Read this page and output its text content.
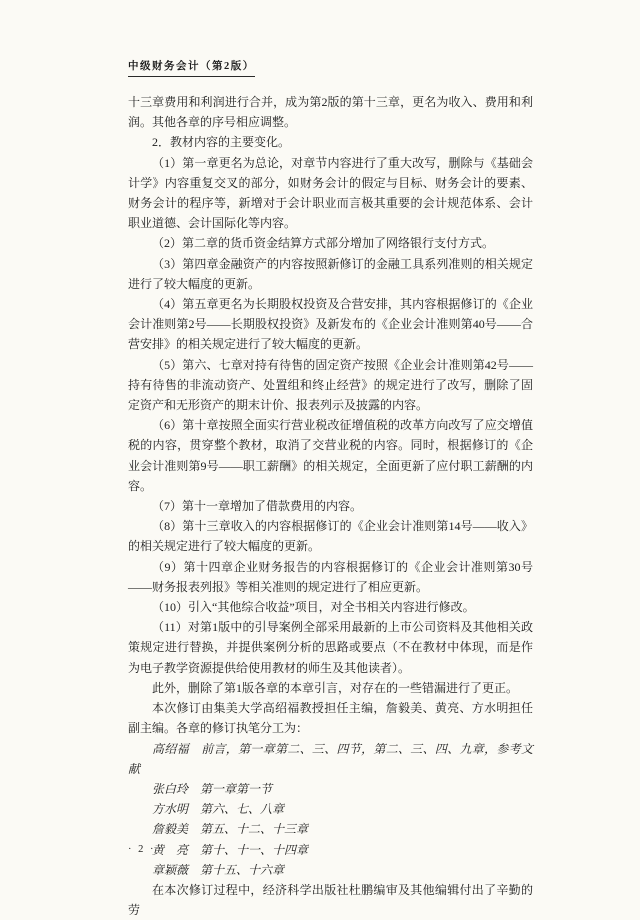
中级财务会计（第2版）

十三章费用和利润进行合并，成为第2版的第十三章，更名为收入、费用和利润。其他各章的序号相应调整。

2．教材内容的主要变化。

（1）第一章更名为总论，对章节内容进行了重大改写，删除与《基础会计学》内容重复交叉的部分，如财务会计的假定与目标、财务会计的要素、财务会计的程序等，新增对于会计职业而言极其重要的会计规范体系、会计职业道德、会计国际化等内容。

（2）第二章的货币资金结算方式部分增加了网络银行支付方式。

（3）第四章金融资产的内容按照新修订的金融工具系列准则的相关规定进行了较大幅度的更新。

（4）第五章更名为长期股权投资及合营安排，其内容根据修订的《企业会计准则第2号——长期股权投资》及新发布的《企业会计准则第40号——合营安排》的相关规定进行了较大幅度的更新。

（5）第六、七章对持有待售的固定资产按照《企业会计准则第42号——持有待售的非流动资产、处置组和终止经营》的规定进行了改写，删除了固定资产和无形资产的期末计价、报表列示及披露的内容。

（6）第十章按照全面实行营业税改征增值税的改革方向改写了应交增值税的内容，贯穿整个教材，取消了交营业税的内容。同时，根据修订的《企业会计准则第9号——职工薪酬》的相关规定，全面更新了应付职工薪酬的内容。

（7）第十一章增加了借款费用的内容。

（8）第十三章收入的内容根据修订的《企业会计准则第14号——收入》的相关规定进行了较大幅度的更新。

（9）第十四章企业财务报告的内容根据修订的《企业会计准则第30号——财务报表列报》等相关准则的规定进行了相应更新。

（10）引入“其他综合收益”项目，对全书相关内容进行修改。

（11）对第1版中的引导案例全部采用最新的上市公司资料及其他相关政策规定进行替换，并提供案例分析的思路或要点（不在教材中体现，而是作为电子教学资源提供给使用教材的师生及其他读者）。

此外，删除了第1版各章的本章引言，对存在的一些错漏进行了更正。

本次修订由集美大学高绍福教授担任主编，詹毅美、黄亮、方水明担任副主编。各章的修订执笔分工为：

高绍福　前言，第一章第二、三、四节，第二、三、四、九章，参考文献

张白玲　第一章第一节

方水明　第六、七、八章

詹毅美　第五、十二、十三章

黄　亮　第十、十一、十四章

章颖薇　第十五、十六章

在本次修订过程中，经济科学出版社杜鹏编审及其他编辑付出了辛勤的劳

· 2 ·
